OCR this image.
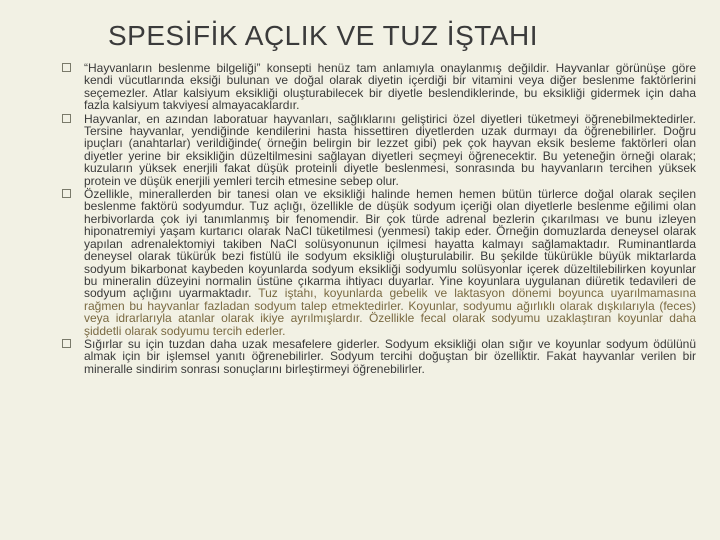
SPESİFİK AÇLIK VE TUZ İŞTAHI
“Hayvanların beslenme bilgeliği” konsepti henüz tam anlamıyla onaylanmış değildir. Hayvanlar görünüşe göre kendi vücutlarında eksiği bulunan ve doğal olarak diyetin içerdiği bir vitamini veya diğer beslenme faktörlerini seçemezler. Atlar kalsiyum eksikliği oluşturabilecek bir diyetle beslendiklerinde, bu eksikliği gidermek için daha fazla kalsiyum takviyesi almayacaklardır.
Hayvanlar, en azından laboratuar hayvanları, sağlıklarını geliştirici özel diyetleri tüketmeyi öğrenebilmektedirler. Tersine hayvanlar, yendiğinde kendilerini hasta hissettiren diyetlerden uzak durmayı da öğrenebilirler. Doğru ipuçları (anahtarlar) verildiğinde( örneğin belirgin bir lezzet gibi) pek çok hayvan eksik besleme faktörleri olan diyetler yerine bir eksikliğin düzeltilmesini sağlayan diyetleri seçmeyi öğrenecektir. Bu yeteneğin örneği olarak; kuzuların yüksek enerjili fakat düşük proteinli diyetle beslenmesi, sonrasında bu hayvanların tercihen yüksek protein ve düşük enerjili yemleri tercih etmesine sebep olur.
Özellikle, minerallerden bir tanesi olan ve eksikliği halinde hemen hemen bütün türlerce doğal olarak seçilen beslenme faktörü sodyumdur. Tuz açlığı, özellikle de düşük sodyum içeriği olan diyetlerle beslenme eğilimi olan herbivorlarda çok iyi tanımlanmış bir fenomendir. Bir çok türde adrenal bezlerin çıkarılması ve bunu izleyen hiponatremiyi yaşam kurtarıcı olarak NaCl tüketilmesi (yenmesi) takip eder. Örneğin domuzlarda deneysel olarak yapılan adrenalektomiyi takiben NaCl solüsyonunun içilmesi hayatta kalmayı sağlamaktadır. Ruminantlarda deneysel olarak tükürük bezi fistülü ile sodyum eksikliği oluşturulabilir. Bu şekilde tükürükle büyük miktarlarda sodyum bikarbonat kaybeden koyunlarda sodyum eksikliği sodyumlu solüsyonlar içerek düzeltilebilirken koyunlar bu mineralin düzeyini normalin üstüne çıkarma ihtiyacı duyarlar. Yine koyunlara uygulanan diüretik tedavileri de sodyum açlığını uyarmaktadır. Tuz iştahı, koyunlarda gebelik ve laktasyon dönemi boyunca uyarılmamasına rağmen bu hayvanlar fazladan sodyum talep etmektedirler. Koyunlar, sodyumu ağırlıklı olarak dışkılarıyla (feces) veya idrarlarıyla atanlar olarak ikiye ayrılmışlardır. Özellikle fecal olarak sodyumu uzaklaştıran koyunlar daha şiddetli olarak sodyumu tercih ederler.
Sığırlar su için tuzdan daha uzak mesafelere giderler. Sodyum eksikliği olan sığır ve koyunlar sodyum ödülünü almak için bir işlemsel yanıtı öğrenebilirler. Sodyum tercihi doğuştan bir özelliktir. Fakat hayvanlar verilen bir mineralle sindirim sonrası sonuçlarını birleştirmeyi öğrenebilirler.
